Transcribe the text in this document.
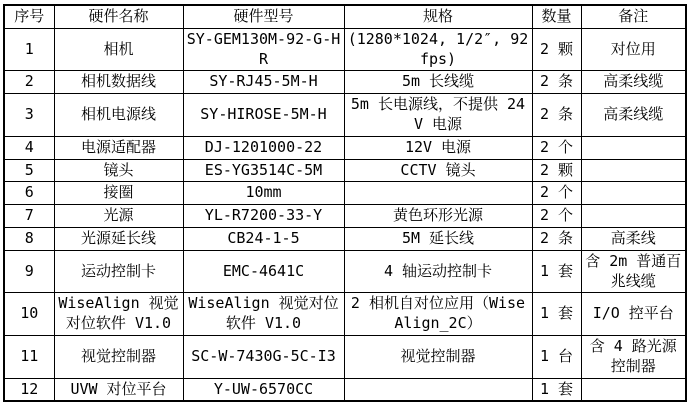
序号	硬件名称	硬件型号	规格	数量	备注
1	相机	SY-GEM130M-92-G-HR	(1280*1024, 1/2″, 92fps)	2 颗	对位用
2	相机数据线	SY-RJ45-5M-H	5m 长线缆	2 条	高柔线缆
3	相机电源线	SY-HIROSE-5M-H	5m 长电源线，不提供 24V 电源	2 条	高柔线缆
4	电源适配器	DJ-1201000-22	12V 电源	2 个	
5	镜头	ES-YG3514C-5M	CCTV 镜头	2 颗	
6	接圈	10mm		2 个	
7	光源	YL-R7200-33-Y	黄色环形光源	2 个	
8	光源延长线	CB24-1-5	5M 延长线	2 条	高柔线
9	运动控制卡	EMC-4641C	4 轴运动控制卡	1 套	含 2m 普通百兆线缆
10	WiseAlign 视觉对位软件 V1.0	WiseAlign 视觉对位软件 V1.0	2 相机自对位应用（WiseAlign_2C）	1 套	I/O 控平台
11	视觉控制器	SC-W-7430G-5C-I3	视觉控制器	1 台	含 4 路光源控制器
12	UVW 对位平台	Y-UW-6570CC		1 套	
